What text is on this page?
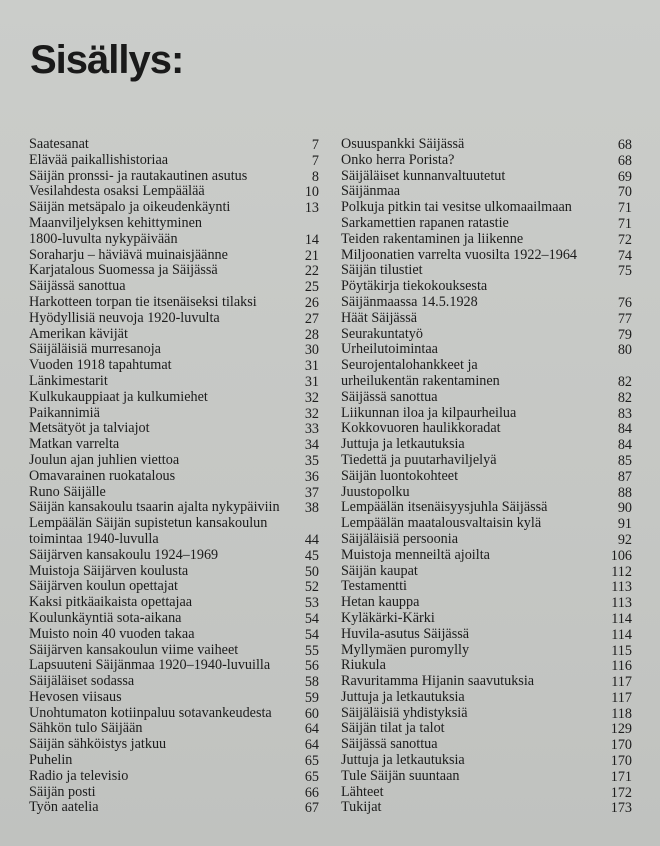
Sisällys:
Saatesanat	7
Elävää paikallishistoriaa	7
Säijän pronssi- ja rautakautinen asutus	8
Vesilahdesta osaksi Lempäälää	10
Säijän metsäpalo ja oikeudenkäynti	13
Maanviljelyksen kehittyminen
1800-luvulta nykypäivään	14
Soraharju – häviävä muinaisjäänne	21
Karjatalous Suomessa ja Säijässä	22
Säijässä sanottua	25
Harkotteen torpan tie itsenäiseksi tilaksi	26
Hyödyllisiä neuvoja 1920-luvulta	27
Amerikan kävijät	28
Säijäläisiä murresanoja	30
Vuoden 1918 tapahtumat	31
Länkimestarit	31
Kulkukauppiaat ja kulkumiehet	32
Paikannimiä	32
Metsätyöt ja talviajot	33
Matkan varrelta	34
Joulun ajan juhlien viettoa	35
Omavarainen ruokatalous	36
Runo Säijälle	37
Säijän kansakoulu tsaarin ajalta nykypäiviin	38
Lempäälän Säijän supistetun kansakoulun
toimintaa 1940-luvulla	44
Säijärven kansakoulu 1924–1969	45
Muistoja Säijärven koulusta	50
Säijärven koulun opettajat	52
Kaksi pitkäaikaista opettajaa	53
Koulunkäyntiä sota-aikana	54
Muisto noin 40 vuoden takaa	54
Säijärven kansakoulun viime vaiheet	55
Lapsuuteni Säijänmaa 1920–1940-luvuilla	56
Säijäläiset sodassa	58
Hevosen viisaus	59
Unohtumaton kotiinpaluu sotavankeudesta	60
Sähkön tulo Säijään	64
Säijän sähköistys jatkuu	64
Puhelin	65
Radio ja televisio	65
Säijän posti	66
Työn aatelia	67
Osuuspankki Säijässä	68
Onko herra Porista?	68
Säijäläiset kunnanvaltuutetut	69
Säijänmaa	70
Polkuja pitkin tai vesitse ulkomaailmaan	71
Sarkamettien rapanen ratastie	71
Teiden rakentaminen ja liikenne	72
Miljoonatien varrelta vuosilta 1922–1964	74
Säijän tilustiet	75
Pöytäkirja tiekokouksesta
Säijänmaassa 14.5.1928	76
Häät Säijässä	77
Seurakuntatyö	79
Urheilutoimintaa	80
Seurojentalohankkeet ja
urheilukentän rakentaminen	82
Säijässä sanottua	82
Liikunnan iloa ja kilpaurheilua	83
Kokkovuoren haulikkoradat	84
Juttuja ja letkautuksia	84
Tiedettä ja puutarhaviljelyä	85
Säijän luontokohteet	87
Juustopolku	88
Lempäälän itsenäisyysjuhla Säijässä	90
Lempäälän maatalousvaltaisin kylä	91
Säijäläisiä persoonia	92
Muistoja menneiltä ajoilta	106
Säijän kaupat	112
Testamentti	113
Hetan kauppa	113
Kyläkärki-Kärki	114
Huvila-asutus Säijässä	114
Myllymäen puromylly	115
Riukula	116
Ravuritamma Hijanin saavutuksia	117
Juttuja ja letkautuksia	117
Säijäläisiä yhdistyksiä	118
Säijän tilat ja talot	129
Säijässä sanottua	170
Juttuja ja letkautuksia	170
Tule Säijän suuntaan	171
Lähteet	172
Tukijat	173
